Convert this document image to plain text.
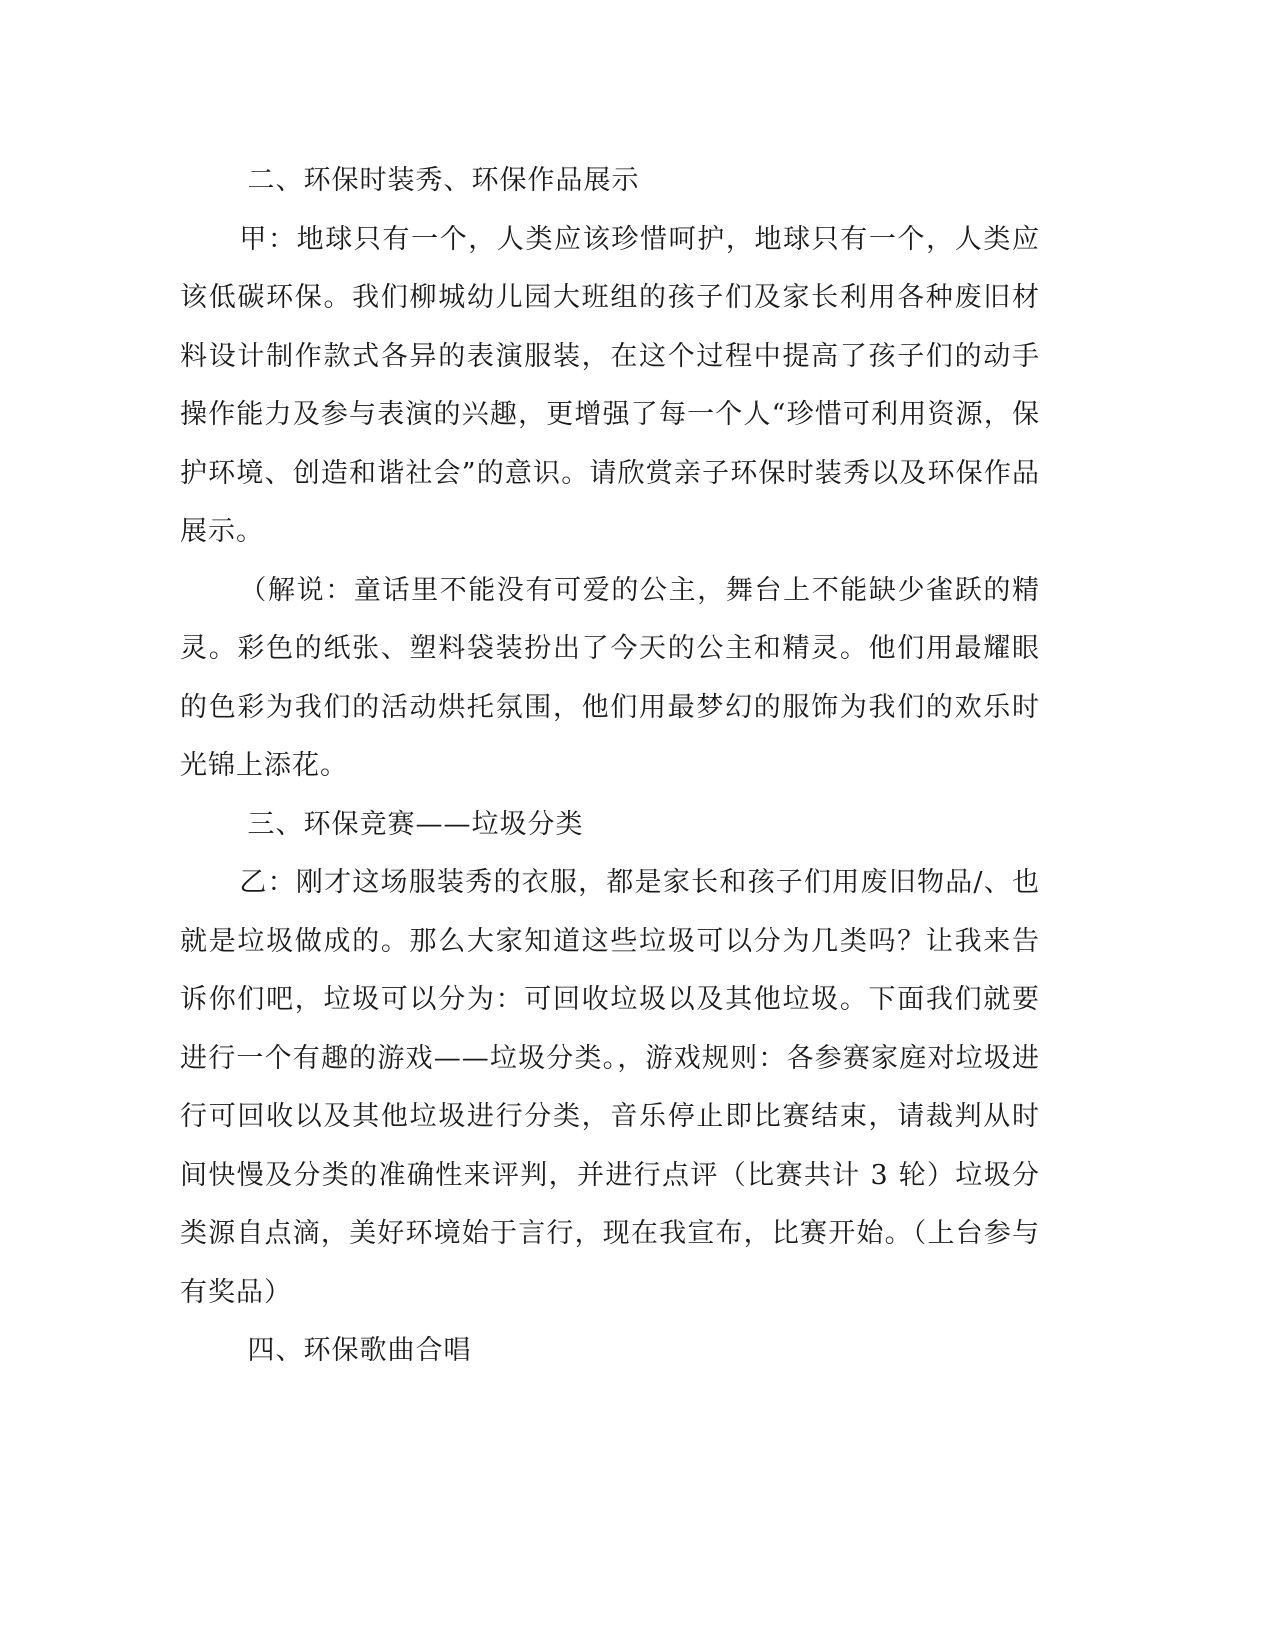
二、环保时装秀、环保作品展示

甲：地球只有一个，人类应该珍惜呵护，地球只有一个，人类应该低碳环保。我们柳城幼儿园大班组的孩子们及家长利用各种废旧材料设计制作款式各异的表演服装，在这个过程中提高了孩子们的动手操作能力及参与表演的兴趣，更增强了每一个人“珍惜可利用资源，保护环境、创造和谐社会”的意识。请欣赏亲子环保时装秀以及环保作品展示。

（解说：童话里不能没有可爱的公主，舞台上不能缺少雀跃的精灵。彩色的纸张、塑料袋装扮出了今天的公主和精灵。他们用最耀眼的色彩为我们的活动烘托氛围，他们用最梦幻的服饰为我们的欢乐时光锦上添花。

三、环保竞赛——垃圾分类

乙：刚才这场服装秀的衣服，都是家长和孩子们用废旧物品/、也就是垃圾做成的。那么大家知道这些垃圾可以分为几类吗？让我来告诉你们吧，垃圾可以分为：可回收垃圾以及其他垃圾。下面我们就要进行一个有趣的游戏——垃圾分类。，游戏规则：各参赛家庭对垃圾进行可回收以及其他垃圾进行分类，音乐停止即比赛结束，请裁判从时间快慢及分类的准确性来评判，并进行点评（比赛共计 3 轮）垃圾分类源自点滴，美好环境始于言行，现在我宣布，比赛开始。（上台参与有奖品）

四、环保歌曲合唱
